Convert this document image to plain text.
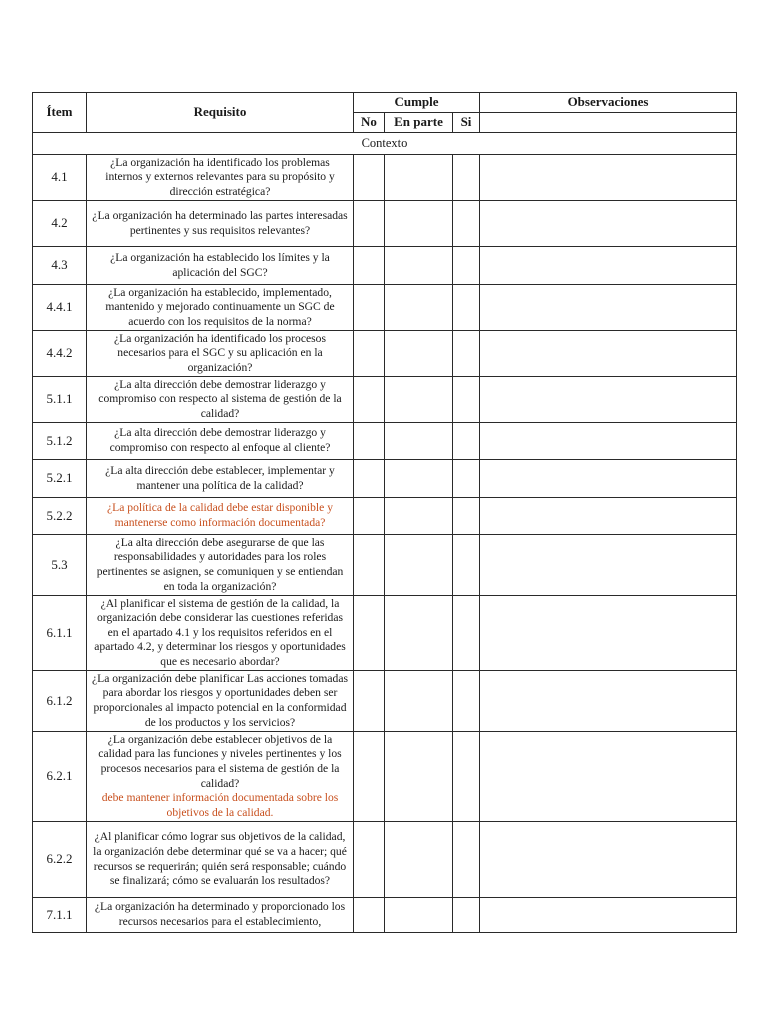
Ítem	Requisito	Cumple			Observaciones
		No	En parte	Si	
Contexto					
4.1	¿La organización ha identificado los problemas internos y externos relevantes para su propósito y dirección estratégica?				
4.2	¿La organización ha determinado las partes interesadas pertinentes y sus requisitos relevantes?				
4.3	¿La organización ha establecido los límites y la aplicación del SGC?				
4.4.1	¿La organización ha establecido, implementado, mantenido y mejorado continuamente un SGC de acuerdo con los requisitos de la norma?				
4.4.2	¿La organización ha identificado los procesos necesarios para el SGC y su aplicación en la organización?				
5.1.1	¿La alta dirección debe demostrar liderazgo y compromiso con respecto al sistema de gestión de la calidad?				
5.1.2	¿La alta dirección debe demostrar liderazgo y compromiso con respecto al enfoque al cliente?				
5.2.1	¿La alta dirección debe establecer, implementar y mantener una política de la calidad?				
5.2.2	¿La política de la calidad debe estar disponible y mantenerse como información documentada?				
5.3	¿La alta dirección debe asegurarse de que las responsabilidades y autoridades para los roles pertinentes se asignen, se comuniquen y se entiendan en toda la organización?				
6.1.1	¿Al planificar el sistema de gestión de la calidad, la organización debe considerar las cuestiones referidas en el apartado 4.1 y los requisitos referidos en el apartado 4.2, y determinar los riesgos y oportunidades que es necesario abordar?				
6.1.2	¿La organización debe planificar Las acciones tomadas para abordar los riesgos y oportunidades deben ser proporcionales al impacto potencial en la conformidad de los productos y los servicios?				
6.2.1	¿La organización debe establecer objetivos de la calidad para las funciones y niveles pertinentes y los procesos necesarios para el sistema de gestión de la calidad?
debe mantener información documentada sobre los objetivos de la calidad.				

6.2.2	¿Al planificar cómo lograr sus objetivos de la calidad, la organización debe determinar qué se va a hacer; qué recursos se requerirán; quién será responsable; cuándo se finalizará; cómo se evaluarán los resultados?				
7.1.1	¿La organización ha determinado y proporcionado los recursos necesarios para el establecimiento,				
